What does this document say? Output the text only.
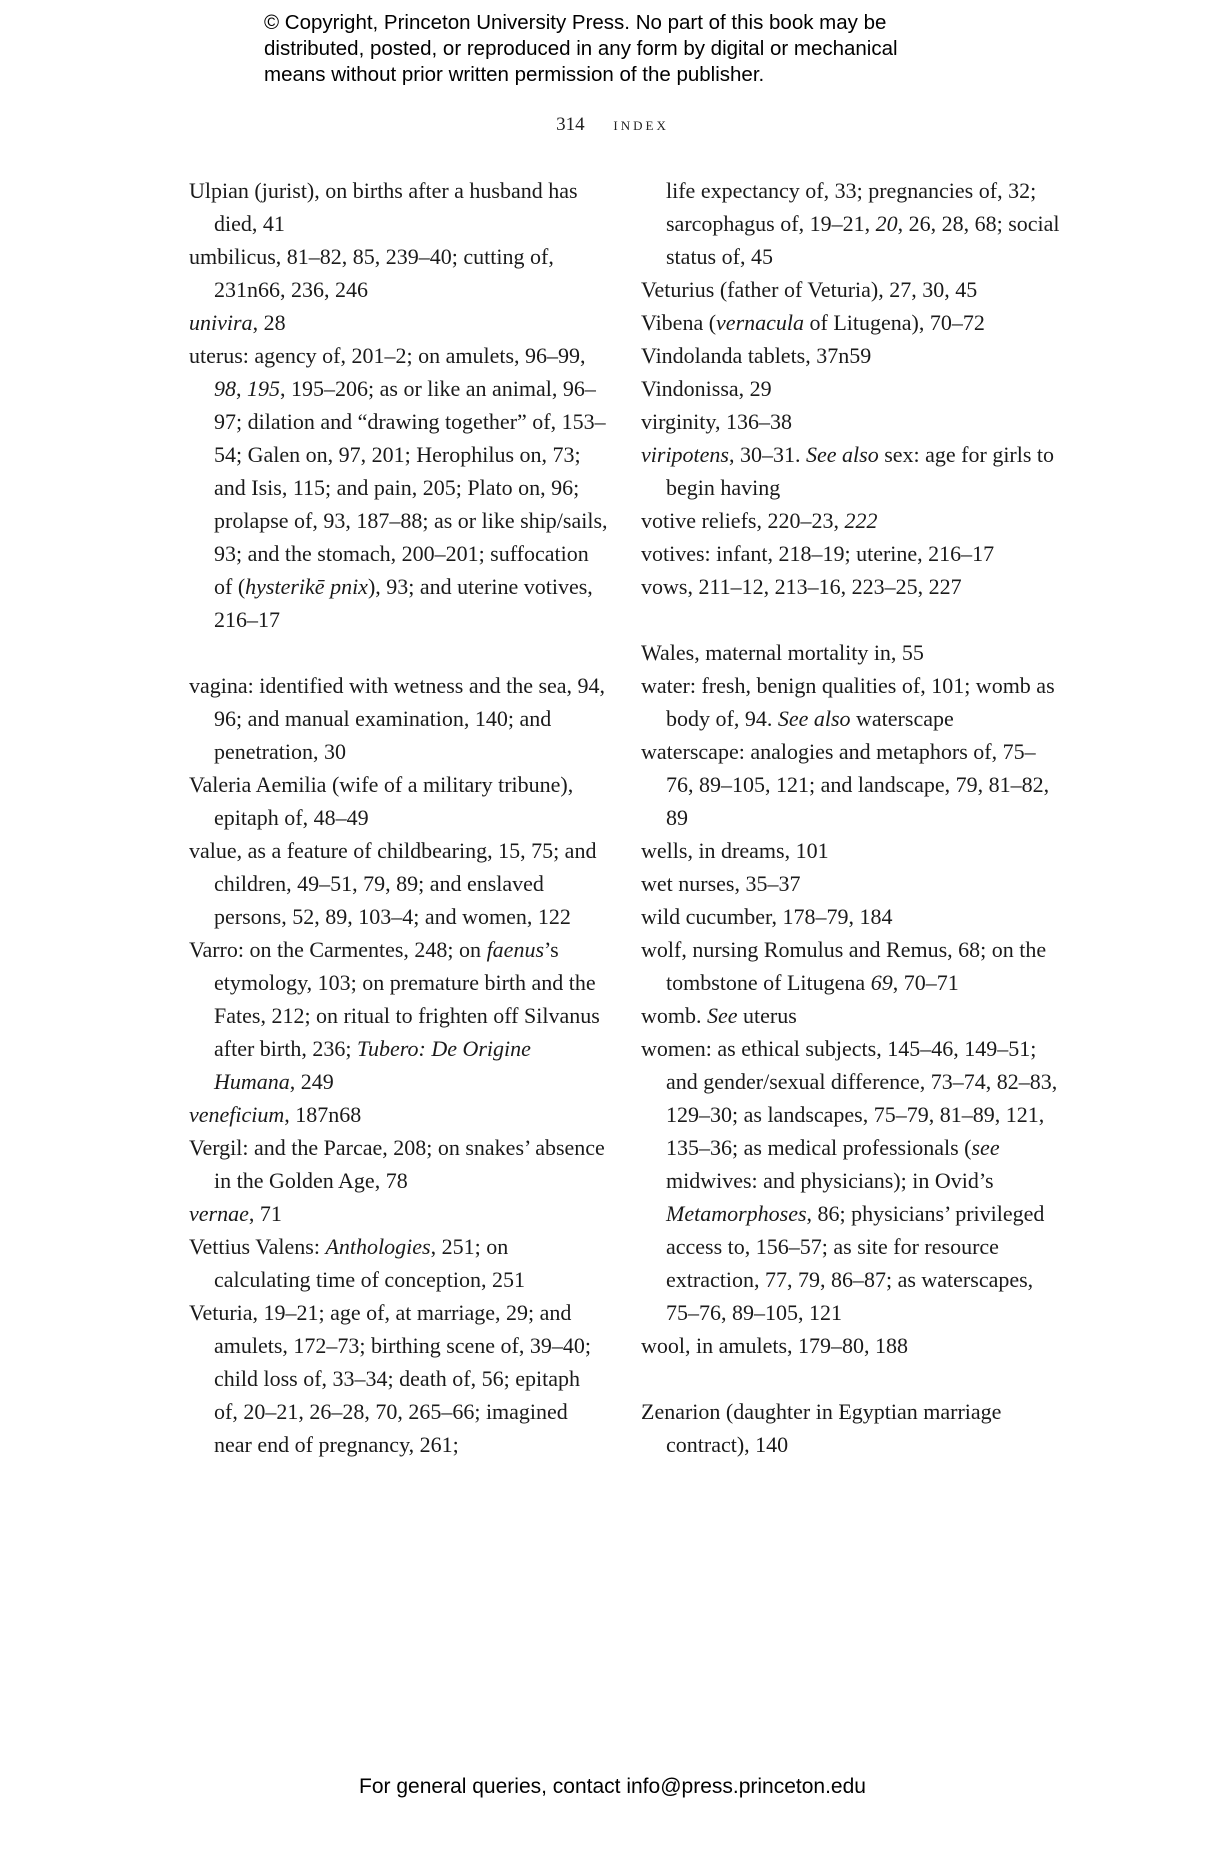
© Copyright, Princeton University Press. No part of this book may be
distributed, posted, or reproduced in any form by digital or mechanical
means without prior written permission of the publisher.
314 index
Ulpian (jurist), on births after a husband has died, 41
umbilicus, 81–82, 85, 239–40; cutting of, 231n66, 236, 246
univira, 28
uterus: agency of, 201–2; on amulets, 96–99, 98, 195, 195–206; as or like an animal, 96–97; dilation and “drawing together” of, 153–54; Galen on, 97, 201; Herophilus on, 73; and Isis, 115; and pain, 205; Plato on, 96; prolapse of, 93, 187–88; as or like ship/sails, 93; and the stomach, 200–201; suffocation of (hysterikē pnix), 93; and uterine votives, 216–17
vagina: identified with wetness and the sea, 94, 96; and manual examination, 140; and penetration, 30
Valeria Aemilia (wife of a military tribune), epitaph of, 48–49
value, as a feature of childbearing, 15, 75; and children, 49–51, 79, 89; and enslaved persons, 52, 89, 103–4; and women, 122
Varro: on the Carmentes, 248; on faenus’s etymology, 103; on premature birth and the Fates, 212; on ritual to frighten off Silvanus after birth, 236; Tubero: De Origine Humana, 249
veneficium, 187n68
Vergil: and the Parcae, 208; on snakes’ absence in the Golden Age, 78
vernae, 71
Vettius Valens: Anthologies, 251; on calculating time of conception, 251
Veturia, 19–21; age of, at marriage, 29; and amulets, 172–73; birthing scene of, 39–40; child loss of, 33–34; death of, 56; epitaph of, 20–21, 26–28, 70, 265–66; imagined near end of pregnancy, 261;
life expectancy of, 33; pregnancies of, 32; sarcophagus of, 19–21, 20, 26, 28, 68; social status of, 45
Veturius (father of Veturia), 27, 30, 45
Vibena (vernacula of Litugena), 70–72
Vindolanda tablets, 37n59
Vindonissa, 29
virginity, 136–38
viripotens, 30–31. See also sex: age for girls to begin having
votive reliefs, 220–23, 222
votives: infant, 218–19; uterine, 216–17
vows, 211–12, 213–16, 223–25, 227
Wales, maternal mortality in, 55
water: fresh, benign qualities of, 101; womb as body of, 94. See also waterscape
waterscape: analogies and metaphors of, 75–76, 89–105, 121; and landscape, 79, 81–82, 89
wells, in dreams, 101
wet nurses, 35–37
wild cucumber, 178–79, 184
wolf, nursing Romulus and Remus, 68; on the tombstone of Litugena 69, 70–71
womb. See uterus
women: as ethical subjects, 145–46, 149–51; and gender/sexual difference, 73–74, 82–83, 129–30; as landscapes, 75–79, 81–89, 121, 135–36; as medical professionals (see midwives: and physicians); in Ovid’s Metamorphoses, 86; physicians’ privileged access to, 156–57; as site for resource extraction, 77, 79, 86–87; as waterscapes, 75–76, 89–105, 121
wool, in amulets, 179–80, 188
Zenarion (daughter in Egyptian marriage contract), 140
For general queries, contact info@press.princeton.edu
